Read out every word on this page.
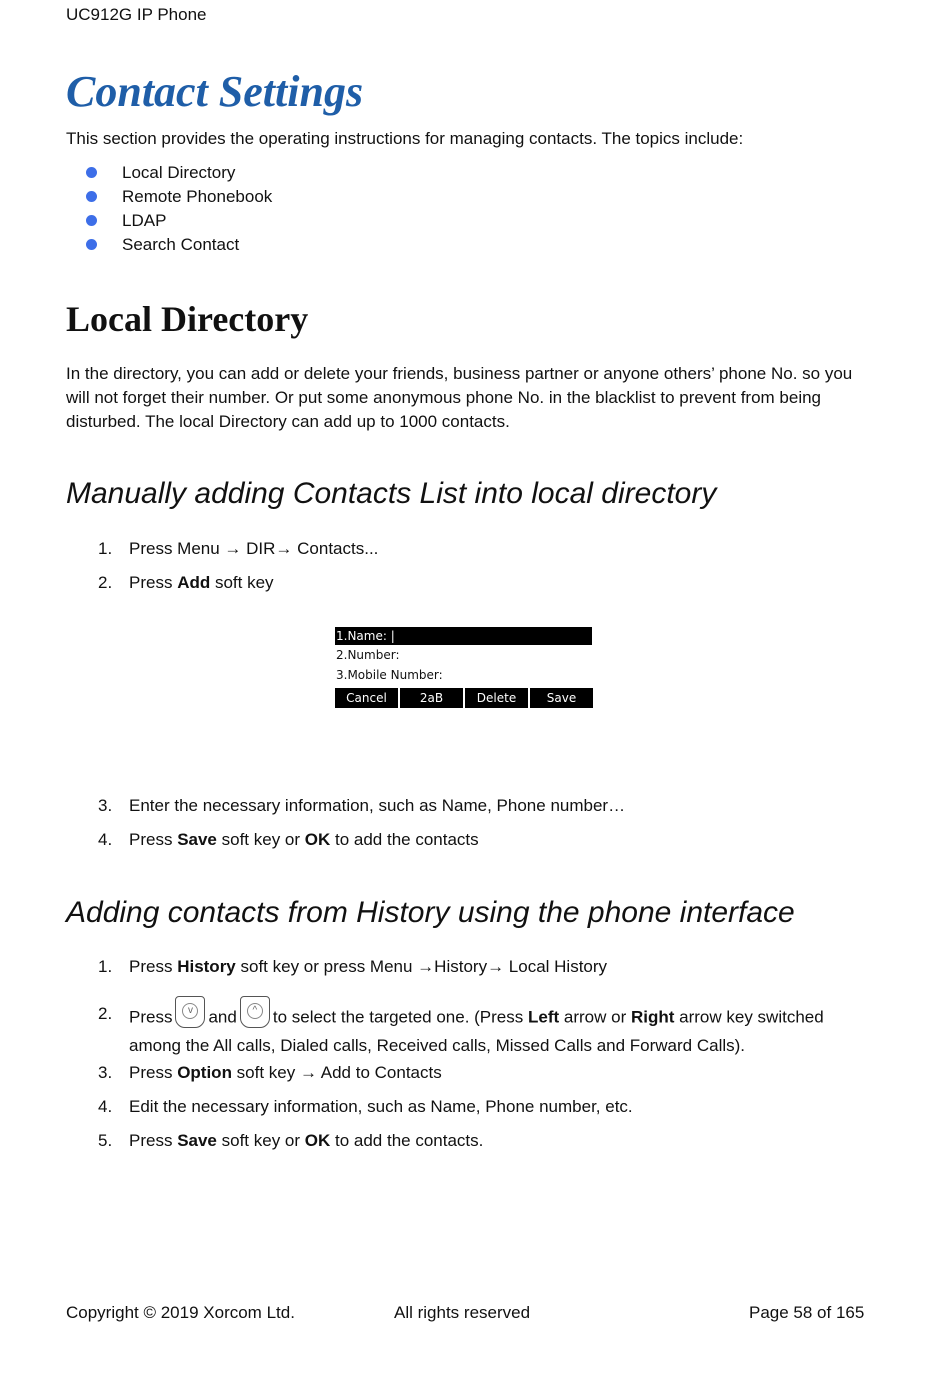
UC912G IP Phone
Contact Settings

This section provides the operating instructions for managing contacts. The topics include:

Local Directory
Remote Phonebook
LDAP
Search Contact
Local Directory

In the directory, you can add or delete your friends, business partner or anyone others’ phone No. so you will not forget their number. Or put some anonymous phone No. in the blacklist to prevent from being disturbed. The local Directory can add up to 1000 contacts.

Manually adding Contacts List into local directory
1. Press Menu → DIR→ Contacts...
2. Press Add soft key
1.Name: |
2.Number:
3.Mobile Number:
Cancel	2aB	Delete	Save
3. Enter the necessary information, such as Name, Phone number…
4. Press Save soft key or OK to add the contacts
Adding contacts from History using the phone interface
1. Press History soft key or press Menu →History→ Local History
2. Press	v and	^ to select the targeted one. (Press Left arrow or Right arrow key switched among the All calls, Dialed calls, Received calls, Missed Calls and Forward Calls).
3. Press Option soft key → Add to Contacts
4. Edit the necessary information, such as Name, Phone number, etc.
5. Press Save soft key or OK to add the contacts.
Copyright © 2019 Xorcom Ltd.	All rights reserved	Page 58 of 165
